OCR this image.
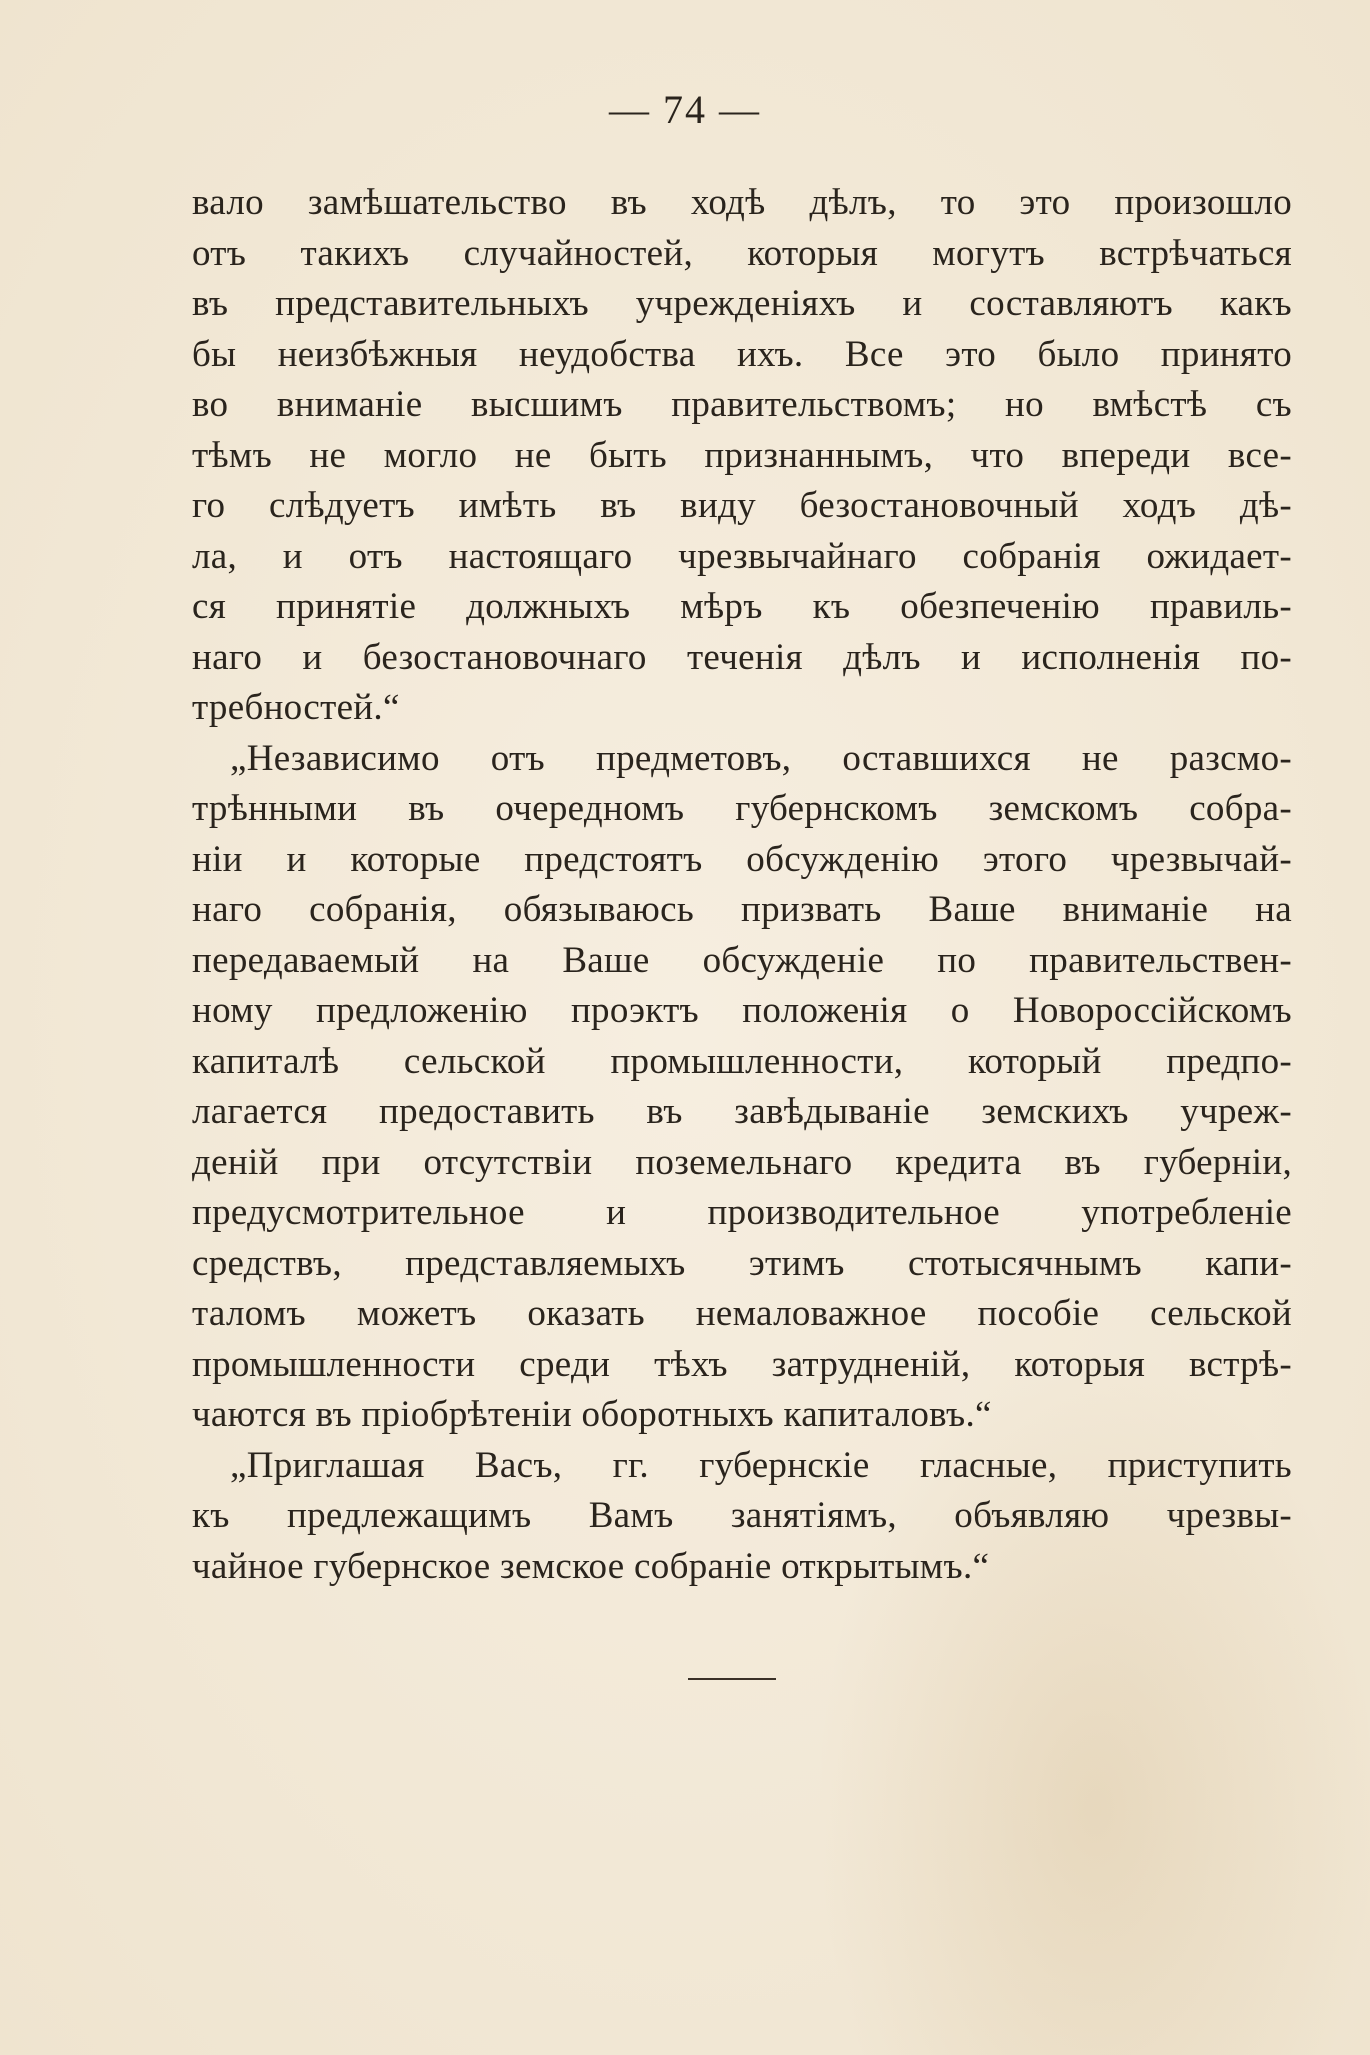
— 74 —
вало замѣшательство въ ходѣ дѣлъ, то это произошло
отъ такихъ случайностей, которыя могутъ встрѣчаться
въ представительныхъ учрежденіяхъ и составляютъ какъ
бы неизбѣжныя неудобства ихъ. Все это было принято
во вниманіе высшимъ правительствомъ; но вмѣстѣ съ
тѣмъ не могло не быть признаннымъ, что впереди все-
го слѣдуетъ имѣть въ виду безостановочный ходъ дѣ-
ла, и отъ настоящаго чрезвычайнаго собранія ожидает-
ся принятіе должныхъ мѣръ къ обезпеченію правиль-
наго и безостановочнаго теченія дѣлъ и исполненія по-
требностей.“
„Независимо отъ предметовъ, оставшихся не разсмо-
трѣнными въ очередномъ губернскомъ земскомъ собра-
ніи и которые предстоятъ обсужденію этого чрезвычай-
наго собранія, обязываюсь призвать Ваше вниманіе на
передаваемый на Ваше обсужденіе по правительствен-
ному предложенію проэктъ положенія о Новороссійскомъ
капиталѣ сельской промышленности, который предпо-
лагается предоставить въ завѣдываніе земскихъ учреж-
деній при отсутствіи поземельнаго кредита въ губерніи,
предусмотрительное и производительное употребленіе
средствъ, представляемыхъ этимъ стотысячнымъ капи-
таломъ можетъ оказать немаловажное пособіе сельской
промышленности среди тѣхъ затрудненій, которыя встрѣ-
чаются въ пріобрѣтеніи оборотныхъ капиталовъ.“
„Приглашая Васъ, гг. губернскіе гласные, приступить
къ предлежащимъ Вамъ занятіямъ, объявляю чрезвы-
чайное губернское земское собраніе открытымъ.“
